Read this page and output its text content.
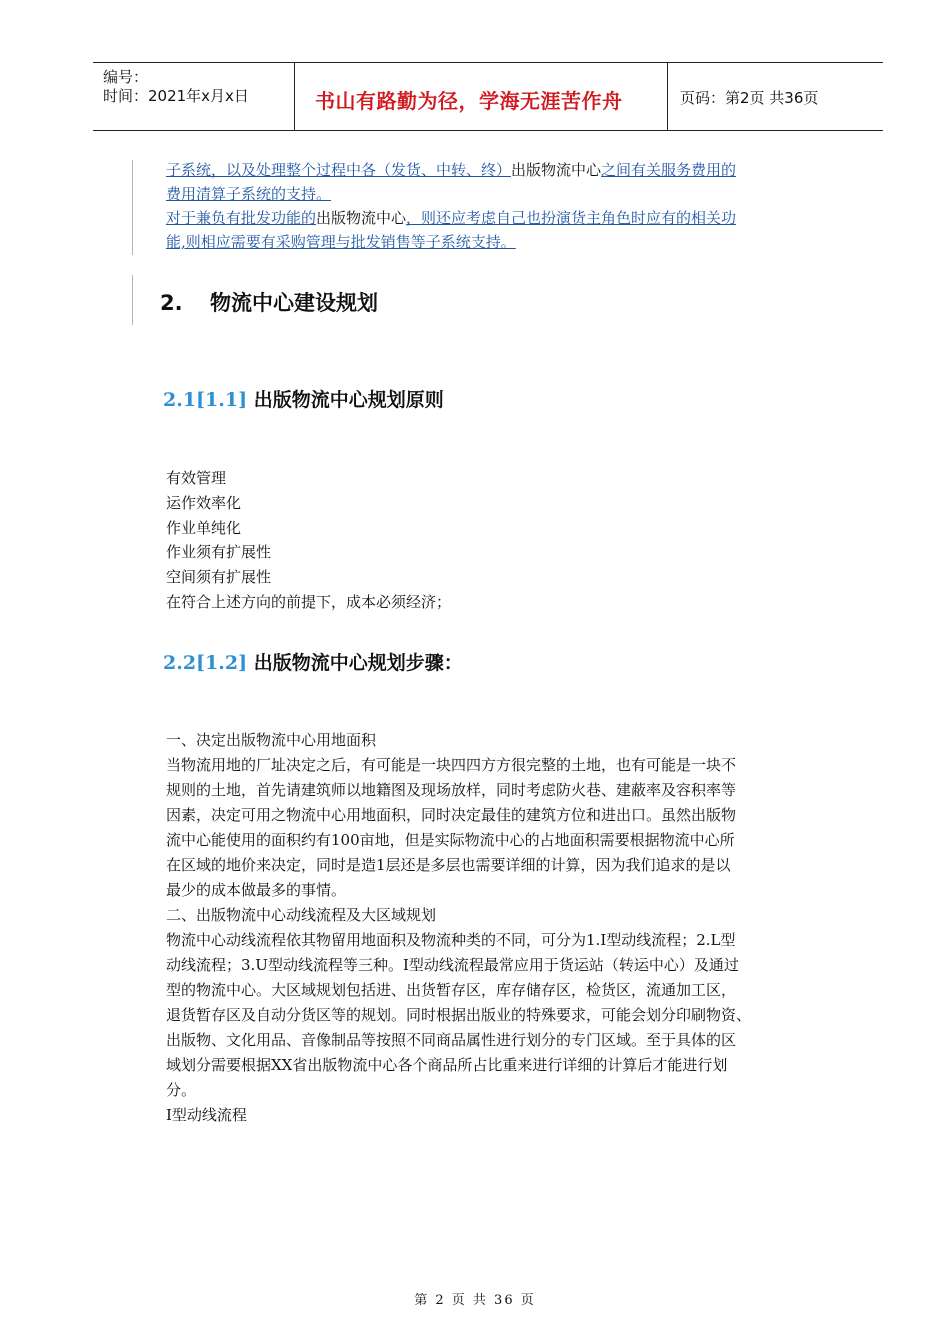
编号：
时间：2021年x月x日	书山有路勤为径，学海无涯苦作舟	页码：第2页 共36页
子系统，以及处理整个过程中各（发货、中转、终）出版物流中心之间有关服务费用的
费用清算子系统的支持。
对于兼负有批发功能的出版物流中心，则还应考虑自己也扮演货主角色时应有的相关功
能,则相应需要有采购管理与批发销售等子系统支持。
2. 物流中心建设规划
2.1[1.1] 出版物流中心规划原则
有效管理
运作效率化
作业单纯化
作业须有扩展性
空间须有扩展性
在符合上述方向的前提下，成本必须经济；
2.2[1.2] 出版物流中心规划步骤：
一、决定出版物流中心用地面积
当物流用地的厂址决定之后，有可能是一块四四方方很完整的土地，也有可能是一块不
规则的土地，首先请建筑师以地籍图及现场放样，同时考虑防火巷、建蔽率及容积率等
因素，决定可用之物流中心用地面积，同时决定最佳的建筑方位和进出口。虽然出版物
流中心能使用的面积约有100亩地，但是实际物流中心的占地面积需要根据物流中心所
在区域的地价来决定，同时是造1层还是多层也需要详细的计算，因为我们追求的是以
最少的成本做最多的事情。
二、出版物流中心动线流程及大区域规划
物流中心动线流程依其物留用地面积及物流种类的不同，可分为1.I型动线流程；2.L型
动线流程；3.U型动线流程等三种。I型动线流程最常应用于货运站（转运中心）及通过
型的物流中心。大区域规划包括进、出货暂存区，库存储存区，检货区，流通加工区，
退货暂存区及自动分货区等的规划。同时根据出版业的特殊要求，可能会划分印刷物资、
出版物、文化用品、音像制品等按照不同商品属性进行划分的专门区域。至于具体的区
域划分需要根据XX省出版物流中心各个商品所占比重来进行详细的计算后才能进行划
分。
I型动线流程
第 2 页 共 36 页
